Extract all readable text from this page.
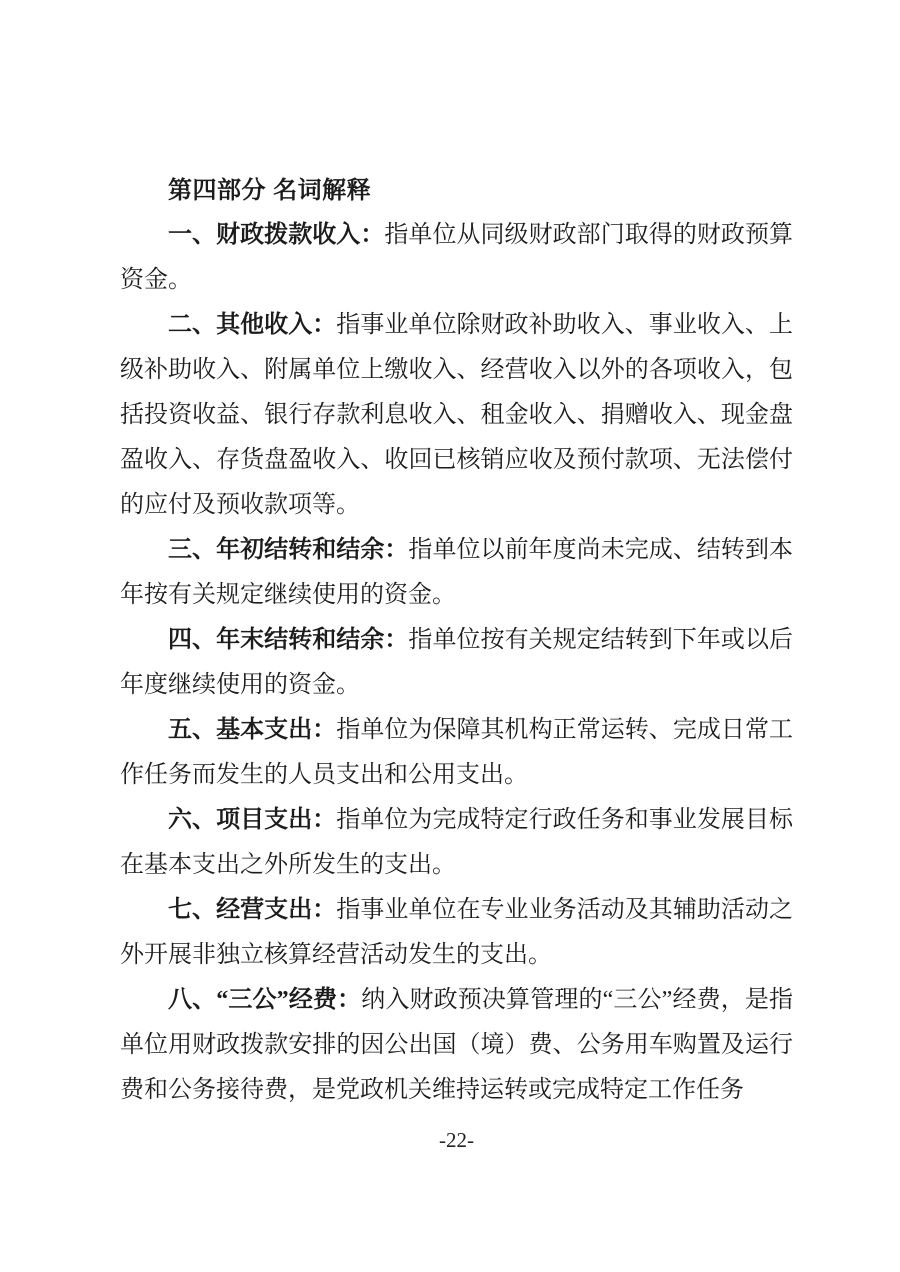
第四部分 名词解释

一、财政拨款收入：指单位从同级财政部门取得的财政预算资金。

二、其他收入：指事业单位除财政补助收入、事业收入、上级补助收入、附属单位上缴收入、经营收入以外的各项收入，包括投资收益、银行存款利息收入、租金收入、捐赠收入、现金盘盈收入、存货盘盈收入、收回已核销应收及预付款项、无法偿付的应付及预收款项等。

三、年初结转和结余：指单位以前年度尚未完成、结转到本年按有关规定继续使用的资金。

四、年末结转和结余：指单位按有关规定结转到下年或以后年度继续使用的资金。

五、基本支出：指单位为保障其机构正常运转、完成日常工作任务而发生的人员支出和公用支出。

六、项目支出：指单位为完成特定行政任务和事业发展目标在基本支出之外所发生的支出。

七、经营支出：指事业单位在专业业务活动及其辅助活动之外开展非独立核算经营活动发生的支出。

八、“三公”经费：纳入财政预决算管理的“三公”经费，是指单位用财政拨款安排的因公出国（境）费、公务用车购置及运行费和公务接待费，是党政机关维持运转或完成特定工作任务

-22-
